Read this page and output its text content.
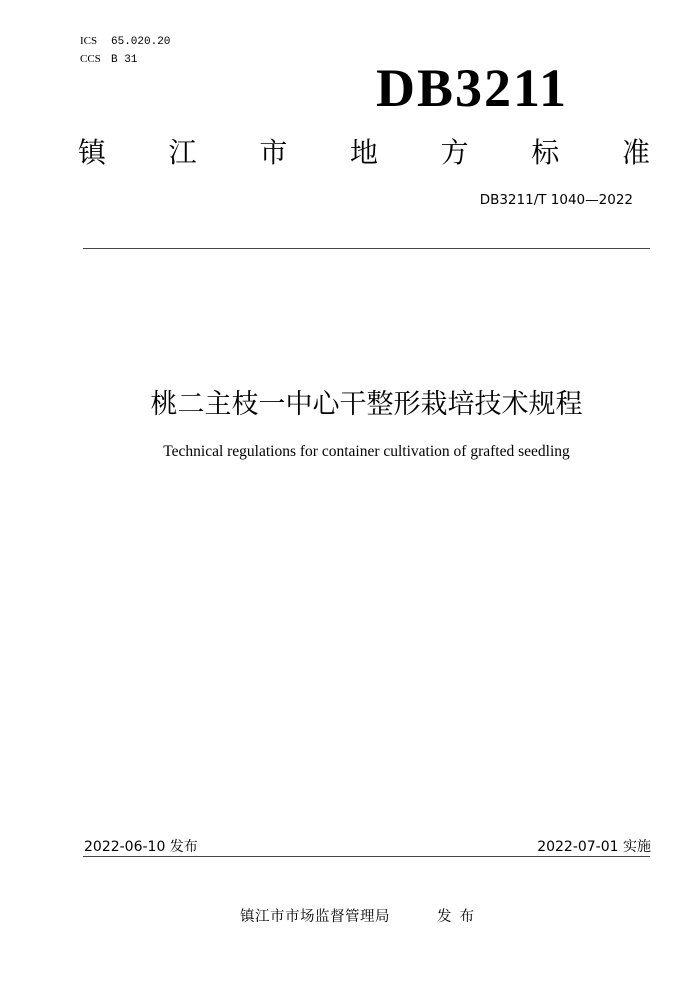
ICS 65.020.20
CCS B 31	DB3211
镇 江 市 地 方 标 准
DB3211/T 1040—2022
桃二主枝一中心干整形栽培技术规程
Technical regulations for container cultivation of grafted seedling
2022-06-10 发布	2022-07-01 实施
镇江市市场监督管理局	发布
